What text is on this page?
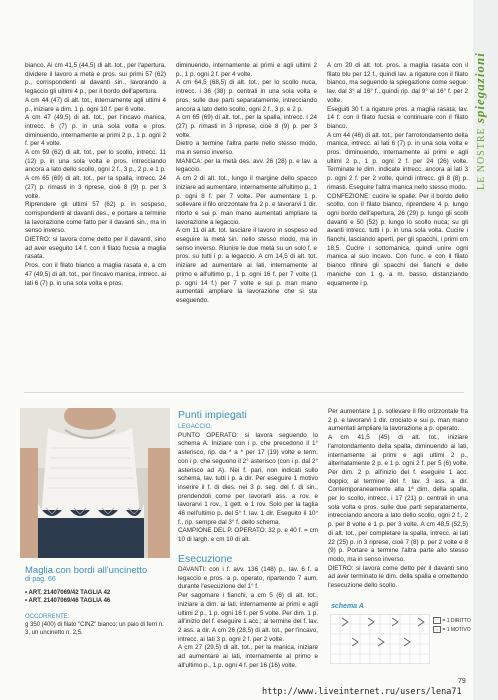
LE NOSTRE spiegazioni

bianco. Ai cm 41,5 (44,5) di alt. tot., per l'apertura, dividere il lavoro a metà e pros. sui primi 57 (62) p., corrispondenti al davanti sin., lavorando a legaccio gli ultimi 4 p., per il bordo dell'apertura.

A cm 44 (47) di alt. tot., internamente agli ultimi 4 p., iniziare a dim. 1 p. ogni 10 f. per 6 volte.

A cm 47 (49,5) di alt. tot., per l'incavo manica, intrecc. 6 (7) p. in una sola volta e pros. diminuendo, internamente ai primi 2 p., 1 p. ogni 2 f. per 4 volte.

A cm 59 (62) di alt. tot., per lo scollo, intrecc. 11 (12) p. in una sola volta e pros. intrecciando ancora a lato dello scollo, ogni 2 f., 3 p., 2 p. e 1 p.

A cm 65 (69) di alt. tot., per la spalla, intrecc. 24 (27) p. rimasti in 3 riprese, cioè 8 (9) p. per 3 volte.

Riprendere gli ultimi 57 (62) p. in sospeso, corrispondenti al davanti des., e portare a termine la lavorazione come fatto per il davanti sin., ma in senso inverso.

DIETRO: si lavora come detto per il davanti, sino ad aver eseguito 14 f. con il filato fucsia a maglia rasata.

Pros. con il filato bianco a maglia rasata e, a cm 47 (49,5) di alt. tot., per l'incavo manica, intrecc. ai lati 6 (7) p. in una sola volta e pros.

diminuendo, internamente ai primi e agli ultimi 2 p., 1 p. ogni 2 f. per 4 volte.

A cm 64,5 (68,5) di alt. tot., per lo scollo nuca, intrecc. i 36 (38) p. centrali in una sola volta e pros. sulle due parti separatamente, intrecciando ancora a lato dello scollo, ogni 2 f., 3 p. e 2 p.

A cm 65 (69) di alt. tot., per la spalla, intrecc. i 24 (27) p. rimasti in 3 riprese, cioè 8 (9) p. per 3 volte.

Dietro a termine l'altra parte nello stesso modo, ma in senso inverso.

MANICA: per la metà des. avv. 26 (28) p. e lav. a legaccio.

A cm 2 di alt. tot., lungo il margine dello spacco iniziare ad aumentare, internamente all'ultimo p., 1 p. ogni 8 f. per 7 volte. Per aumentare 1 p. sollevare il filo orizzontale fra 2 p. e lavorarvi 1 dir. ritorto e sui p. man mano aumentati ampliare la lavorazione a legaccio.

A cm 11 di alt. tot. lasciare il lavoro in sospeso ed eseguire la metà sin. nello stesso modo, ma in senso inverso. Riunire le due metà su un solo f. e pros. su tutti i p. a legaccio. A cm 14,5 di alt. tot. iniziare ad aumentare ai lati, internamente al primo e all'ultimo p., 1 p. ogni 16 f. per 7 volte (1 p. ogni 14 f.) per 7 volte e sui p. man mano aumentati ampliare la lavorazione che si sta eseguendo.

A cm 20 di alt. tot. pros. a maglia rasata con il filato blu per 12 f., quindi lav. a rigature con il filato bianco, ma seguendo la spiegazione come segue: lav. dal 3° al 16° f., quindi rip. dal 9° al 16° f. per 2 volte.

Eseguiti 30 f. a rigature pros. a maglia rasata; lav. 14 f. con il filato fucsia e continuare con il filato bianco.

A cm 44 (46) di alt. tot., per l'arrotondamento della manica, intrecc. ai lati 6 (7) p. in una sola volta e pros. diminuendo, internamente ai primi e agli ultimi 2 p., 1 p. ogni 2 f. per 24 (26) volte. Terminate le dim. indicate intrecc. ancora ai lati 3 p. ogni 2 f. per 2 volte, quindi intrecc. gli 8 (8) p. rimasti. Eseguire l'altra manica nello stesso modo.

CONFEZIONE: cucire le spalle. Per il bordo dello scollo, con il filato bianco, riprendere 4 p. lungo ogni bordo dell'apertura, 26 (29) p. lungo gli scolli davanti e 50 (52) p. lungo lo scollo nuca; su gli avanti intrecc. tutti i p. in una sola volta. Cucire i fianchi, lasciando aperti, per gli spacchi, i primi cm 18,5. Cucire i sottomanica, quindi unire ogni manica al suo incavo. Con l'unc. e con il filato bianco rifinire gli spacchi dei fianchi e delle maniche con 1 g. a m. basso, distanziando equamente i p.

Maglia con bordi all'uncinetto
di pag. 66
• ART. 21407069/42 TAGLIA 42
• ART. 21407069/46 TAGLIA 46
OCCORRENTE:
g 350 (400) di filato "CINZ" bianco; un paio di ferri n. 3, un uncinetto n. 2,5.
Punti impiegati

LEGACCIO.

PUNTO OPERATO: si lavora seguendo lo schema A. Iniziare con i p. che precedono il 1° asterisco, rip. da * a * per 17 (19) volte e term. con i p. che seguono il 2° asterisco (con i p. dal 2° asterisco ad A). Nei f. pari, non indicati sullo schema, lav. tutti i p. a dir. Per eseguire 1 motivo inserire il f. di dies. nei 3 p. seg. del f. di sin., prendendoli come per lavorarli ass. a rov. e lavorarvi 1 rov., 1 gett. e 1 rov. Solo per la taglia 46 nell'ultimo p. del 5° f. lav. 1 dir. Eseguito il 10° f., rip. sempre dal 3° f. dello schema.

CAMPIONE DEL P. OPERATO: 32 p. e 40 f. = cm 10 di largh. e cm 10 di alt.

Esecuzione

DAVANTI: con i f. avv. 136 (148) p., lav. 6 f. a legaccio e pros. a p. operato, ripartendo 7 aum. durante l'esecuzione del 1° f.

Per sagomare i fianchi, a cm 5 (6) di alt. tot., iniziare a dim. ai lati, internamente ai primi e agli ultimi 2 p., 1 p. ogni 16 f. per 5 volte. Per dim. 1 p. all'inizio del f. eseguire 1 acc.; al termine del f. lav. 2 ass. a dir. A cm 26 (28,5) di alt. tot., per l'incavo, intrecc. ai lati 3 p. ogni 2 f. per 2 volte.

A cm 27 (29,5) di alt. tot., per la manica, iniziare ad aumentare ai lati, internamente al primo e all'ultimo p., 1 p. ogni 4 f. per 16 (16) volte.

Per aumentare 1 p. sollevare il filo orizzontale fra 2 p. e lavorarvi 1 dir. crociato e sui p. man mano aumentati ampliare la lavorazione a p. operato.

A cm 41,5 (45) di alt. tot., iniziare l'arrotondamento della spalla, diminuendo ai lati, internamente ai primi e agli ultimi 2 p., alternatamente 2 p. e 1 p. ogni 2 f. per 5 (6) volte. Per dim. 2 p. all'inizio del f. eseguire 1 acc. doppio; al termine del f. lav. 3 ass. a dir. Contemporaneamente alla 1ª dim. della spalla, per lo scollo, intrecc. i 17 (21) p. centrali in una sola volta e pros. sulle due parti separatamente, intrecciando ancora a lato dello scollo, ogni 2 f., 2 p. per 8 volte e 1 p. per 3 volte. A cm 48,5 (52,5) di alt. tot., per completare la spalla, intrecc. ai lati 22 (25) p. in 3 riprese, cioè 7 (8) p. per 2 volte e 8 (9) p. Portare a termine l'altra parte allo stesso modo, ma in senso inverso.

DIETRO: si lavora come detto per il davanti sino ad aver terminato le dim. della spalla e omettendo l'esecuzione dello scollo.

schema A
= 1 DIRITTO
› = 1 MOTIVO
79
http://www.liveinternet.ru/users/lena71
